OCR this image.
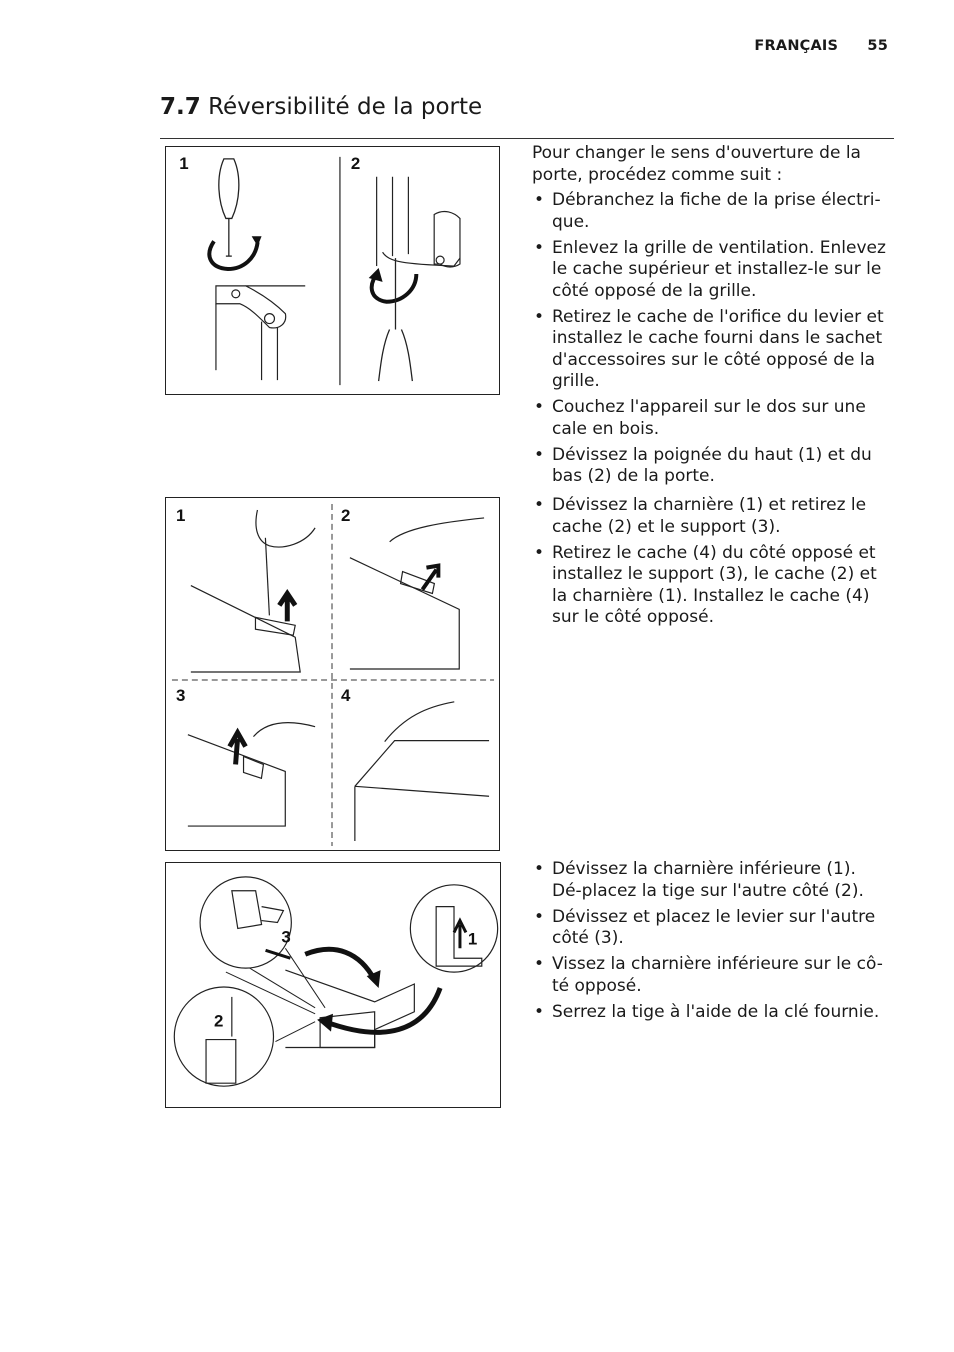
FRANÇAIS 55
7.7 Réversibilité de la porte
1	2
1	2
3	4
3	1
2

Pour changer le sens d'ouverture de la porte, procédez comme suit :

• Débranchez la fiche de la prise électri-que.
• Enlevez la grille de ventilation. Enlevez le cache supérieur et installez-le sur le côté opposé de la grille.
• Retirez le cache de l'orifice du levier et installez le cache fourni dans le sachet d'accessoires sur le côté opposé de la grille.
• Couchez l'appareil sur le dos sur une cale en bois.
• Dévissez la poignée du haut (1) et du bas (2) de la porte.
• Dévissez la charnière (1) et retirez le cache (2) et le support (3).
• Retirez le cache (4) du côté opposé et installez le support (3), le cache (2) et la charnière (1). Installez le cache (4) sur le côté opposé.
• Dévissez la charnière inférieure (1). Dé-placez la tige sur l'autre côté (2).
• Dévissez et placez le levier sur l'autre côté (3).
• Vissez la charnière inférieure sur le cô-té opposé.
• Serrez la tige à l'aide de la clé fournie.
